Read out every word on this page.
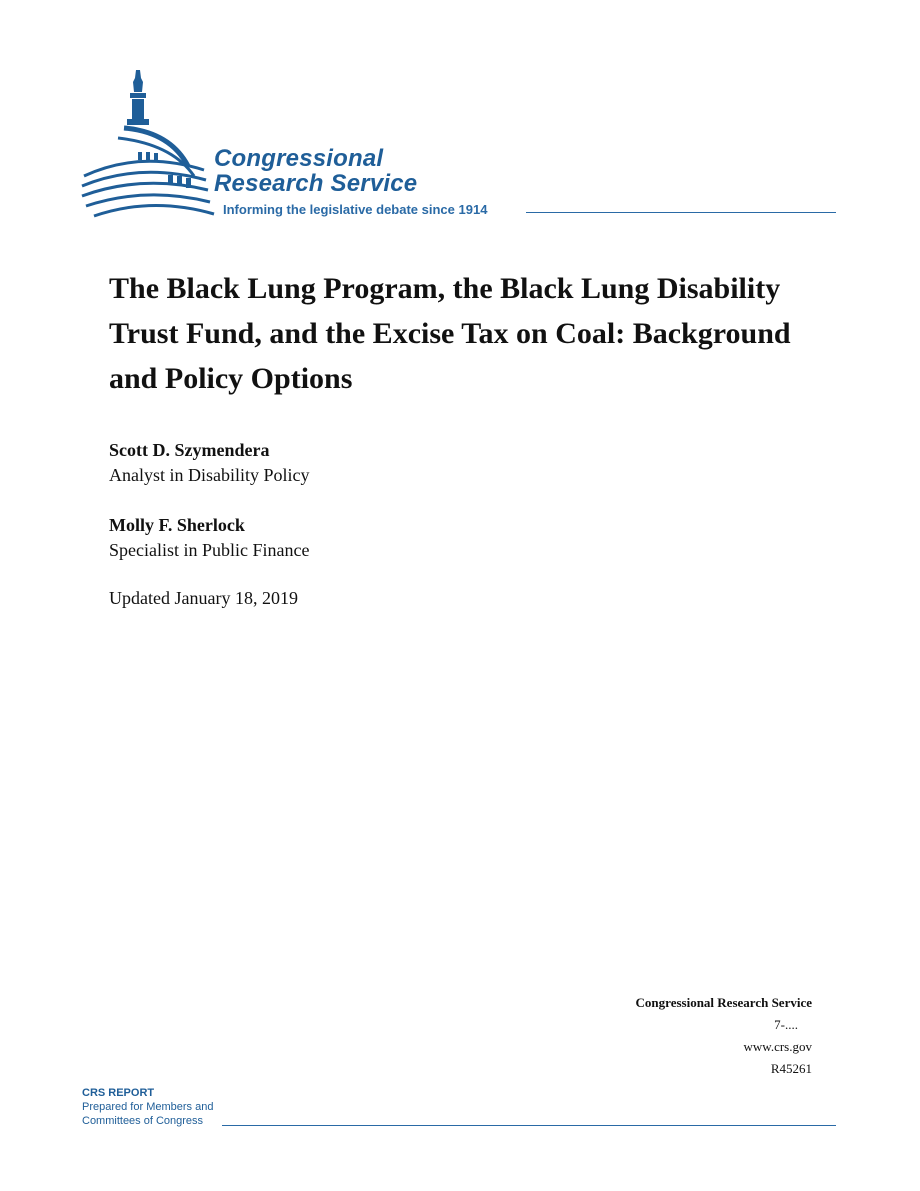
Congressional
Research Service
Informing the legislative debate since 1914
The Black Lung Program, the Black Lung Disability Trust Fund, and the Excise Tax on Coal: Background and Policy Options
Scott D. Szymendera
Analyst in Disability Policy
Molly F. Sherlock
Specialist in Public Finance
Updated January 18, 2019
Congressional Research Service
7-....
www.crs.gov
R45261
CRS REPORT
Prepared for Members and
Committees of Congress
